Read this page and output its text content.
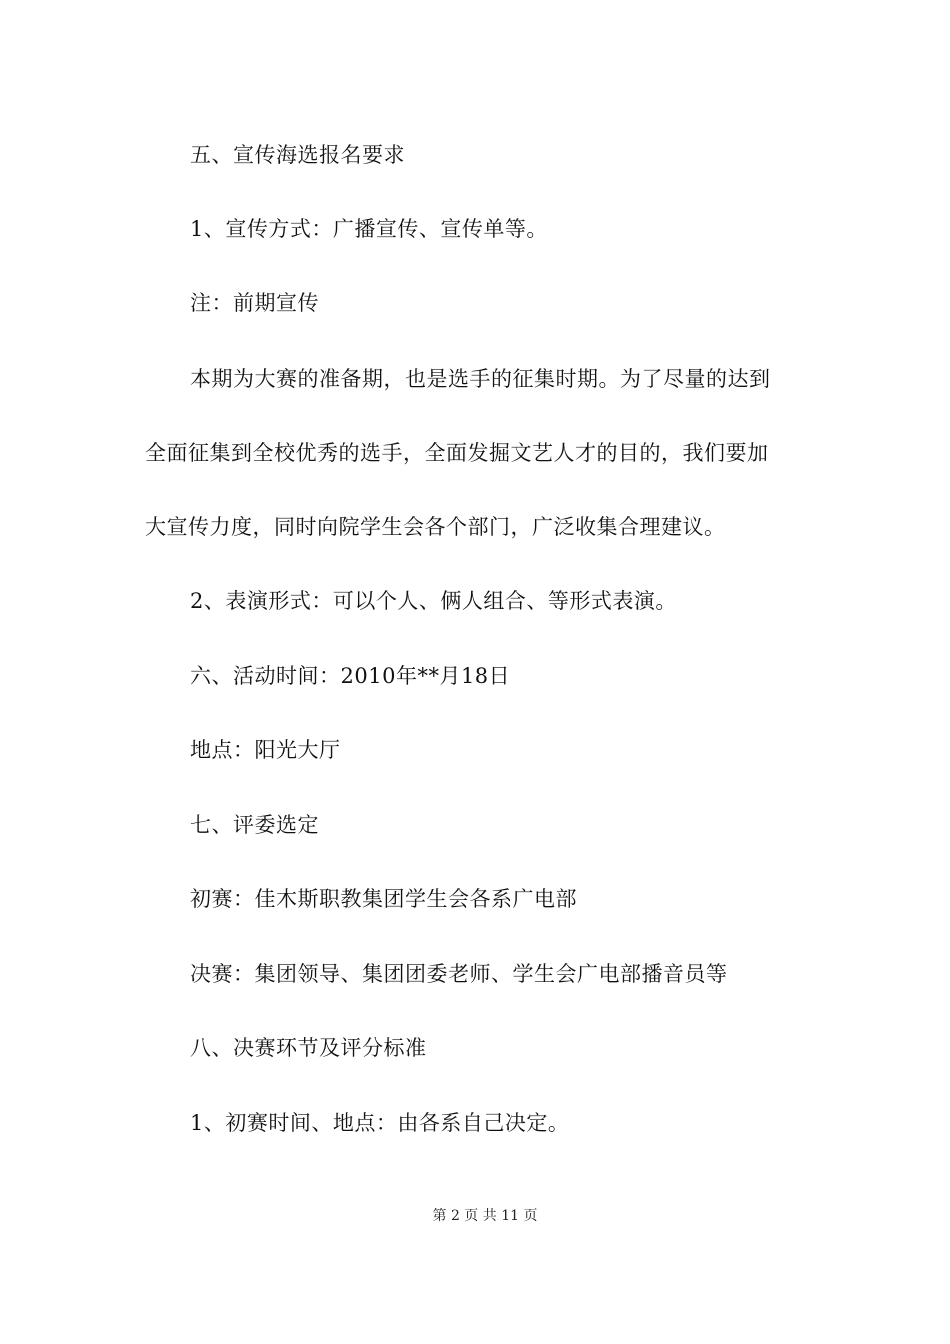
五、宣传海选报名要求
1、宣传方式：广播宣传、宣传单等。
注：前期宣传
本期为大赛的准备期，也是选手的征集时期。为了尽量的达到
全面征集到全校优秀的选手，全面发掘文艺人才的目的，我们要加
大宣传力度，同时向院学生会各个部门，广泛收集合理建议。
2、表演形式：可以个人、俩人组合、等形式表演。
六、活动时间：2010年**月18日
地点：阳光大厅
七、评委选定
初赛：佳木斯职教集团学生会各系广电部
决赛：集团领导、集团团委老师、学生会广电部播音员等
八、决赛环节及评分标准
1、初赛时间、地点：由各系自己决定。
第 2 页 共 11 页
